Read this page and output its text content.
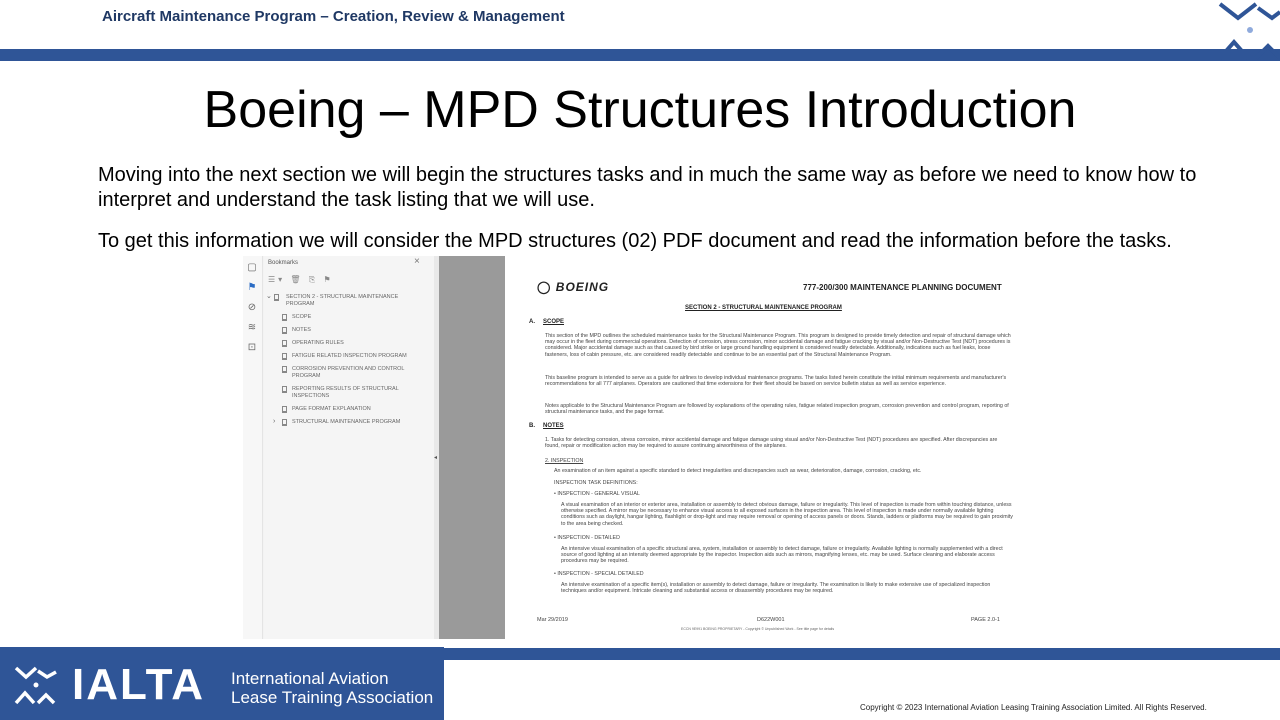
Aircraft Maintenance Program – Creation, Review & Management
Boeing – MPD Structures Introduction
Moving into the next section we will begin the structures tasks and in much the same way as before we need to know how to interpret and understand the task listing that we will use.
To get this information we will consider the MPD structures (02) PDF document and read the information before the tasks.
▢
⚑
⊘
≋
⊡
Bookmarks	×
☰▾ 🗑 ⎘ ⚑
⌄	SECTION 2 - STRUCTURAL MAINTENANCE PROGRAM
SCOPE
NOTES
OPERATING RULES
FATIGUE RELATED INSPECTION PROGRAM
CORROSION PREVENTION AND CONTROL PROGRAM
REPORTING RESULTS OF STRUCTURAL INSPECTIONS
PAGE FORMAT EXPLANATION
›	STRUCTURAL MAINTENANCE PROGRAM
◂
◯ BOEING	777-200/300 MAINTENANCE PLANNING DOCUMENT
SECTION 2 - STRUCTURAL MAINTENANCE PROGRAM
A. SCOPE
This section of the MPD outlines the scheduled maintenance tasks for the Structural Maintenance Program. This program is designed to provide timely detection and repair of structural damage which may occur in the fleet during commercial operations. Detection of corrosion, stress corrosion, minor accidental damage and fatigue cracking by visual and/or Non-Destructive Test (NDT) procedures is considered. Major accidental damage such as that caused by bird strike or large ground handling equipment is considered readily detectable. Additionally, indications such as fuel leaks, loose fasteners, loss of cabin pressure, etc. are considered readily detectable and continue to be an essential part of the Structural Maintenance Program.
This baseline program is intended to serve as a guide for airlines to develop individual maintenance programs. The tasks listed herein constitute the initial minimum requirements and manufacturer's recommendations for all 777 airplanes. Operators are cautioned that time extensions for their fleet should be based on service bulletin status as well as service experience.
Notes applicable to the Structural Maintenance Program are followed by explanations of the operating rules, fatigue related inspection program, corrosion prevention and control program, reporting of structural maintenance tasks, and the page format.
B. NOTES
1. Tasks for detecting corrosion, stress corrosion, minor accidental damage and fatigue damage using visual and/or Non-Destructive Test (NDT) procedures are specified. After discrepancies are found, repair or modification action may be required to assure continuing airworthiness of the airplanes.
2. INSPECTION
An examination of an item against a specific standard to detect irregularities and discrepancies such as wear, deterioration, damage, corrosion, cracking, etc.
INSPECTION TASK DEFINITIONS:
• INSPECTION - GENERAL VISUAL
A visual examination of an interior or exterior area, installation or assembly to detect obvious damage, failure or irregularity. This level of inspection is made from within touching distance, unless otherwise specified. A mirror may be necessary to enhance visual access to all exposed surfaces in the inspection area. This level of inspection is made under normally available lighting conditions such as daylight, hangar lighting, flashlight or drop-light and may require removal or opening of access panels or doors. Stands, ladders or platforms may be required to gain proximity to the area being checked.
• INSPECTION - DETAILED
An intensive visual examination of a specific structural area, system, installation or assembly to detect damage, failure or irregularity. Available lighting is normally supplemented with a direct source of good lighting at an intensity deemed appropriate by the inspector. Inspection aids such as mirrors, magnifying lenses, etc. may be used. Surface cleaning and elaborate access procedures may be required.
• INSPECTION - SPECIAL DETAILED
An intensive examination of a specific item(s), installation or assembly to detect damage, failure or irregularity. The examination is likely to make extensive use of specialized inspection techniques and/or equipment. Intricate cleaning and substantial access or disassembly procedures may be required.
Mar 29/2019	D622W001	PAGE 2.0-1
ECCN 9E991 BOEING PROPRIETARY - Copyright © Unpublished Work - See title page for details
IALTA International Aviation
Lease Training Association
Copyright © 2023 International Aviation Leasing Training Association Limited. All Rights Reserved.
